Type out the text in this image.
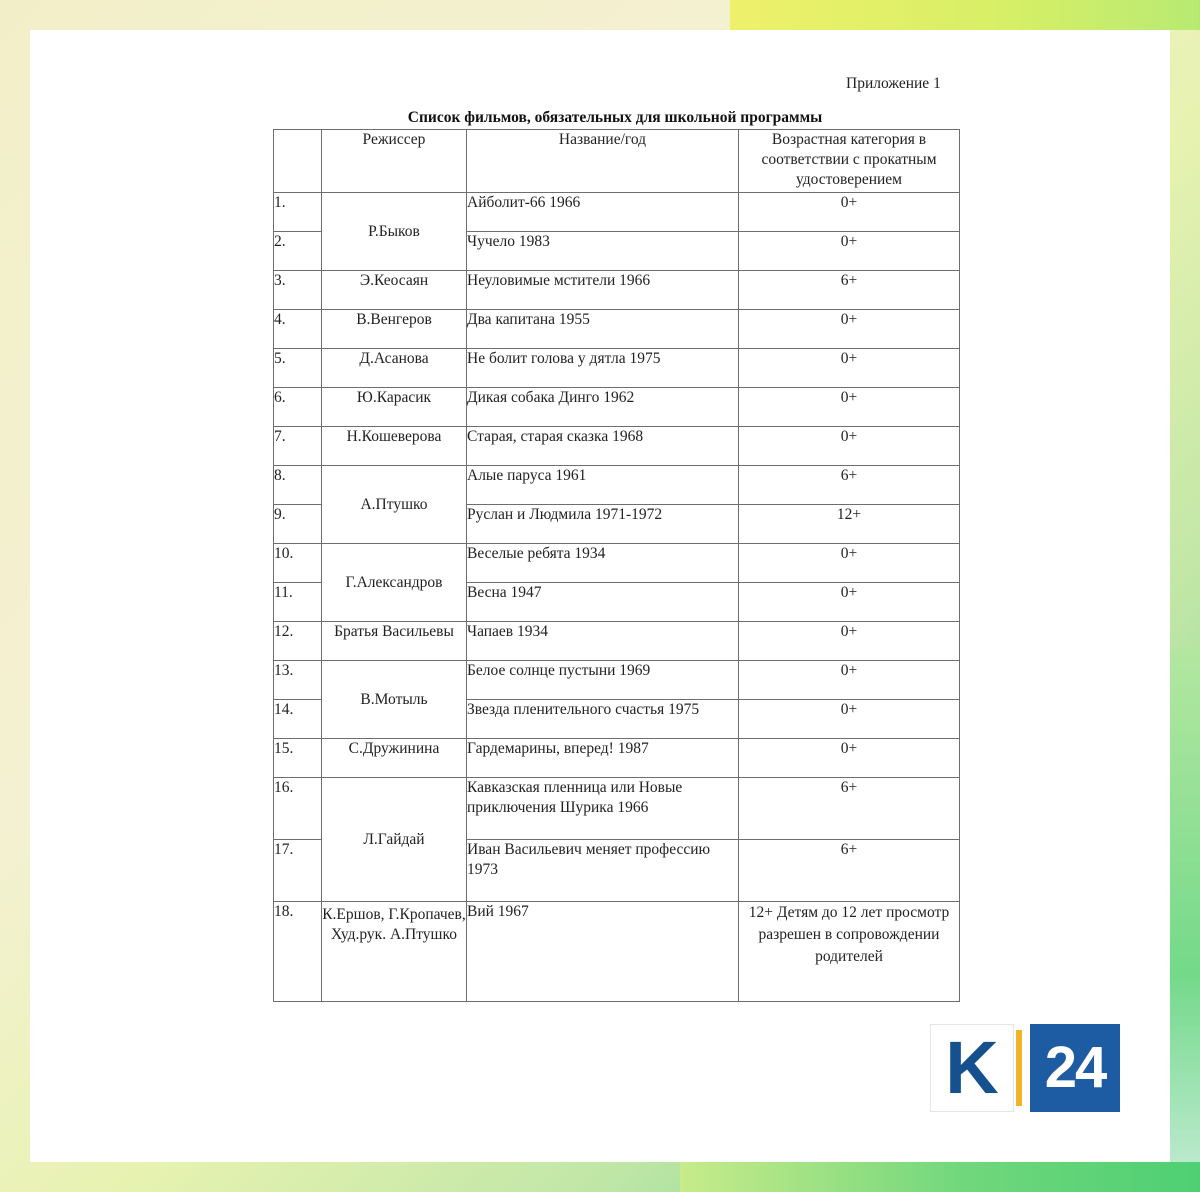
Приложение 1
Список фильмов, обязательных для школьной программы
	Режиссер	Название/год	Возрастная категория в соответствии с прокатным удостоверением
1.	Р.Быков	Айболит-66 1966	0+
2.		Чучело 1983	0+
3.	Э.Кеосаян	Неуловимые мстители 1966	6+
4.	В.Венгеров	Два капитана 1955	0+
5.	Д.Асанова	Не болит голова у дятла 1975	0+
6.	Ю.Карасик	Дикая собака Динго 1962	0+
7.	Н.Кошеверова	Старая, старая сказка 1968	0+
8.	А.Птушко	Алые паруса 1961	6+
9.		Руслан и Людмила 1971-1972	12+
10.	Г.Александров	Веселые ребята 1934	0+
11.		Весна 1947	0+
12.	Братья Васильевы	Чапаев 1934	0+
13.	В.Мотыль	Белое солнце пустыни 1969	0+
14.		Звезда пленительного счастья 1975	0+
15.	С.Дружинина	Гардемарины, вперед! 1987	0+
16.	Л.Гайдай	Кавказская пленница или Новые приключения Шурика 1966	6+
17.		Иван Васильевич меняет профессию 1973	6+
18.	К.Ершов, Г.Кропачев, Худ.рук. А.Птушко	Вий 1967	12+ Детям до 12 лет просмотр разрешен в сопровождении родителей
K 24
